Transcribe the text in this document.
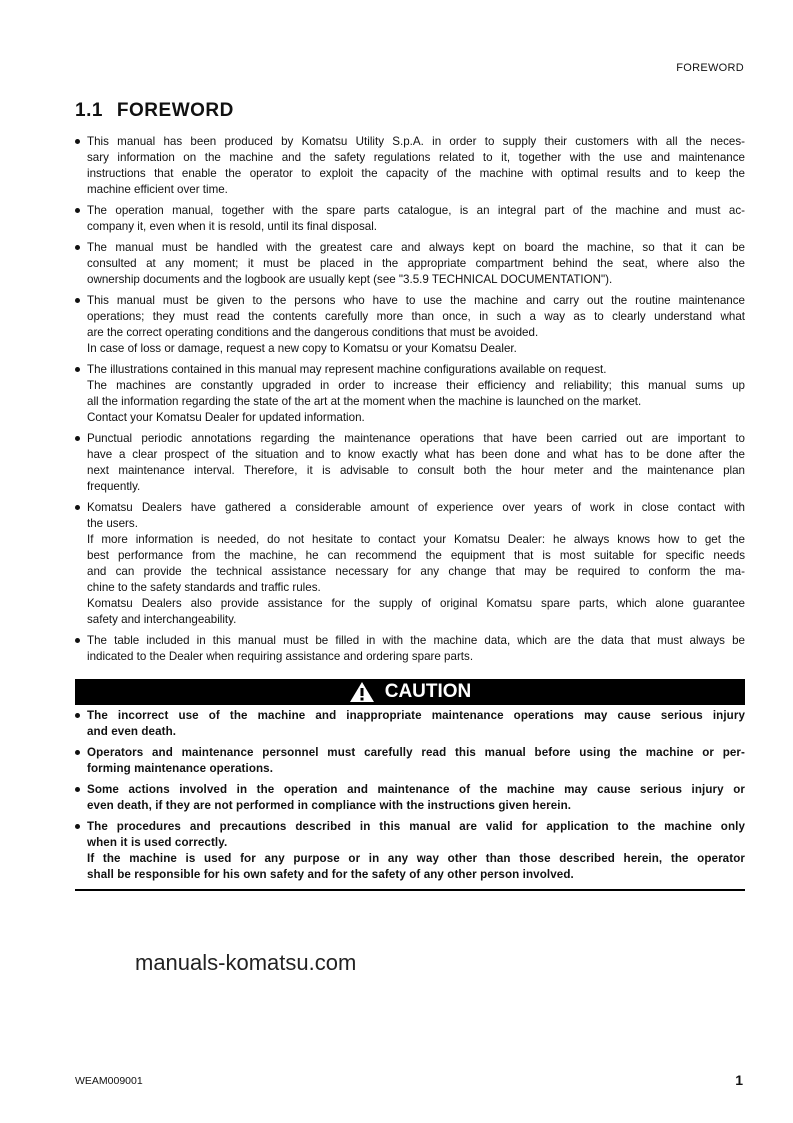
FOREWORD
1.1 FOREWORD
This manual has been produced by Komatsu Utility S.p.A. in order to supply their customers with all the neces-
sary information on the machine and the safety regulations related to it, together with the use and maintenance
instructions that enable the operator to exploit the capacity of the machine with optimal results and to keep the
machine efficient over time.
The operation manual, together with the spare parts catalogue, is an integral part of the machine and must ac-
company it, even when it is resold, until its final disposal.
The manual must be handled with the greatest care and always kept on board the machine, so that it can be
consulted at any moment; it must be placed in the appropriate compartment behind the seat, where also the
ownership documents and the logbook are usually kept (see "3.5.9 TECHNICAL DOCUMENTATION").
This manual must be given to the persons who have to use the machine and carry out the routine maintenance
operations; they must read the contents carefully more than once, in such a way as to clearly understand what
are the correct operating conditions and the dangerous conditions that must be avoided.
In case of loss or damage, request a new copy to Komatsu or your Komatsu Dealer.
The illustrations contained in this manual may represent machine configurations available on request.
The machines are constantly upgraded in order to increase their efficiency and reliability; this manual sums up
all the information regarding the state of the art at the moment when the machine is launched on the market.
Contact your Komatsu Dealer for updated information.
Punctual periodic annotations regarding the maintenance operations that have been carried out are important to
have a clear prospect of the situation and to know exactly what has been done and what has to be done after the
next maintenance interval. Therefore, it is advisable to consult both the hour meter and the maintenance plan
frequently.
Komatsu Dealers have gathered a considerable amount of experience over years of work in close contact with
the users.
If more information is needed, do not hesitate to contact your Komatsu Dealer: he always knows how to get the
best performance from the machine, he can recommend the equipment that is most suitable for specific needs
and can provide the technical assistance necessary for any change that may be required to conform the ma-
chine to the safety standards and traffic rules.
Komatsu Dealers also provide assistance for the supply of original Komatsu spare parts, which alone guarantee
safety and interchangeability.
The table included in this manual must be filled in with the machine data, which are the data that must always be
indicated to the Dealer when requiring assistance and ordering spare parts.
CAUTION
The incorrect use of the machine and inappropriate maintenance operations may cause serious injury
and even death.
Operators and maintenance personnel must carefully read this manual before using the machine or per-
forming maintenance operations.
Some actions involved in the operation and maintenance of the machine may cause serious injury or
even death, if they are not performed in compliance with the instructions given herein.
The procedures and precautions described in this manual are valid for application to the machine only
when it is used correctly.
If the machine is used for any purpose or in any way other than those described herein, the operator
shall be responsible for his own safety and for the safety of any other person involved.
manuals-komatsu.com
WEAM009001	1
